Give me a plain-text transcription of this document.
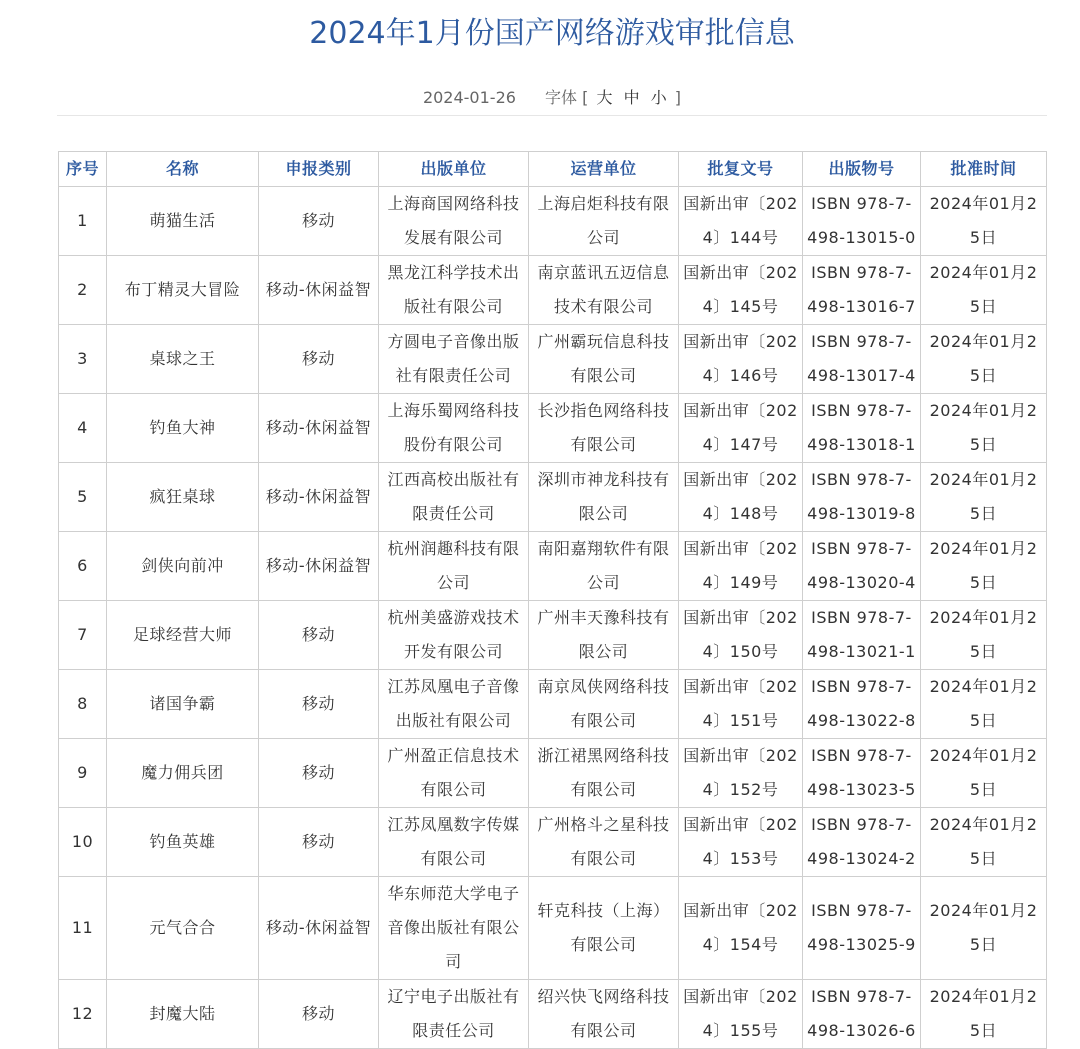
2024年1月份国产网络游戏审批信息
2024-01-26 字体 [ 大 中 小 ]
序号	名称	申报类别	出版单位	运营单位	批复文号	出版物号	批准时间
1	萌猫生活	移动	上海商国网络科技发展有限公司	上海启炬科技有限公司	国新出审〔2024〕144号	ISBN 978-7-498-13015-0	2024年01月25日
2	布丁精灵大冒险	移动-休闲益智	黑龙江科学技术出版社有限公司	南京蓝讯五迈信息技术有限公司	国新出审〔2024〕145号	ISBN 978-7-498-13016-7	2024年01月25日
3	桌球之王	移动	方圆电子音像出版社有限责任公司	广州霸玩信息科技有限公司	国新出审〔2024〕146号	ISBN 978-7-498-13017-4	2024年01月25日
4	钓鱼大神	移动-休闲益智	上海乐蜀网络科技股份有限公司	长沙指色网络科技有限公司	国新出审〔2024〕147号	ISBN 978-7-498-13018-1	2024年01月25日
5	疯狂桌球	移动-休闲益智	江西高校出版社有限责任公司	深圳市神龙科技有限公司	国新出审〔2024〕148号	ISBN 978-7-498-13019-8	2024年01月25日
6	剑侠向前冲	移动-休闲益智	杭州润趣科技有限公司	南阳嘉翔软件有限公司	国新出审〔2024〕149号	ISBN 978-7-498-13020-4	2024年01月25日
7	足球经营大师	移动	杭州美盛游戏技术开发有限公司	广州丰天豫科技有限公司	国新出审〔2024〕150号	ISBN 978-7-498-13021-1	2024年01月25日
8	诸国争霸	移动	江苏凤凰电子音像出版社有限公司	南京凤侠网络科技有限公司	国新出审〔2024〕151号	ISBN 978-7-498-13022-8	2024年01月25日
9	魔力佣兵团	移动	广州盈正信息技术有限公司	浙江裙黑网络科技有限公司	国新出审〔2024〕152号	ISBN 978-7-498-13023-5	2024年01月25日
10	钓鱼英雄	移动	江苏凤凰数字传媒有限公司	广州格斗之星科技有限公司	国新出审〔2024〕153号	ISBN 978-7-498-13024-2	2024年01月25日
11	元气合合	移动-休闲益智	华东师范大学电子音像出版社有限公司	轩克科技（上海）有限公司	国新出审〔2024〕154号	ISBN 978-7-498-13025-9	2024年01月25日
12	封魔大陆	移动	辽宁电子出版社有限责任公司	绍兴快飞网络科技有限公司	国新出审〔2024〕155号	ISBN 978-7-498-13026-6	2024年01月25日
